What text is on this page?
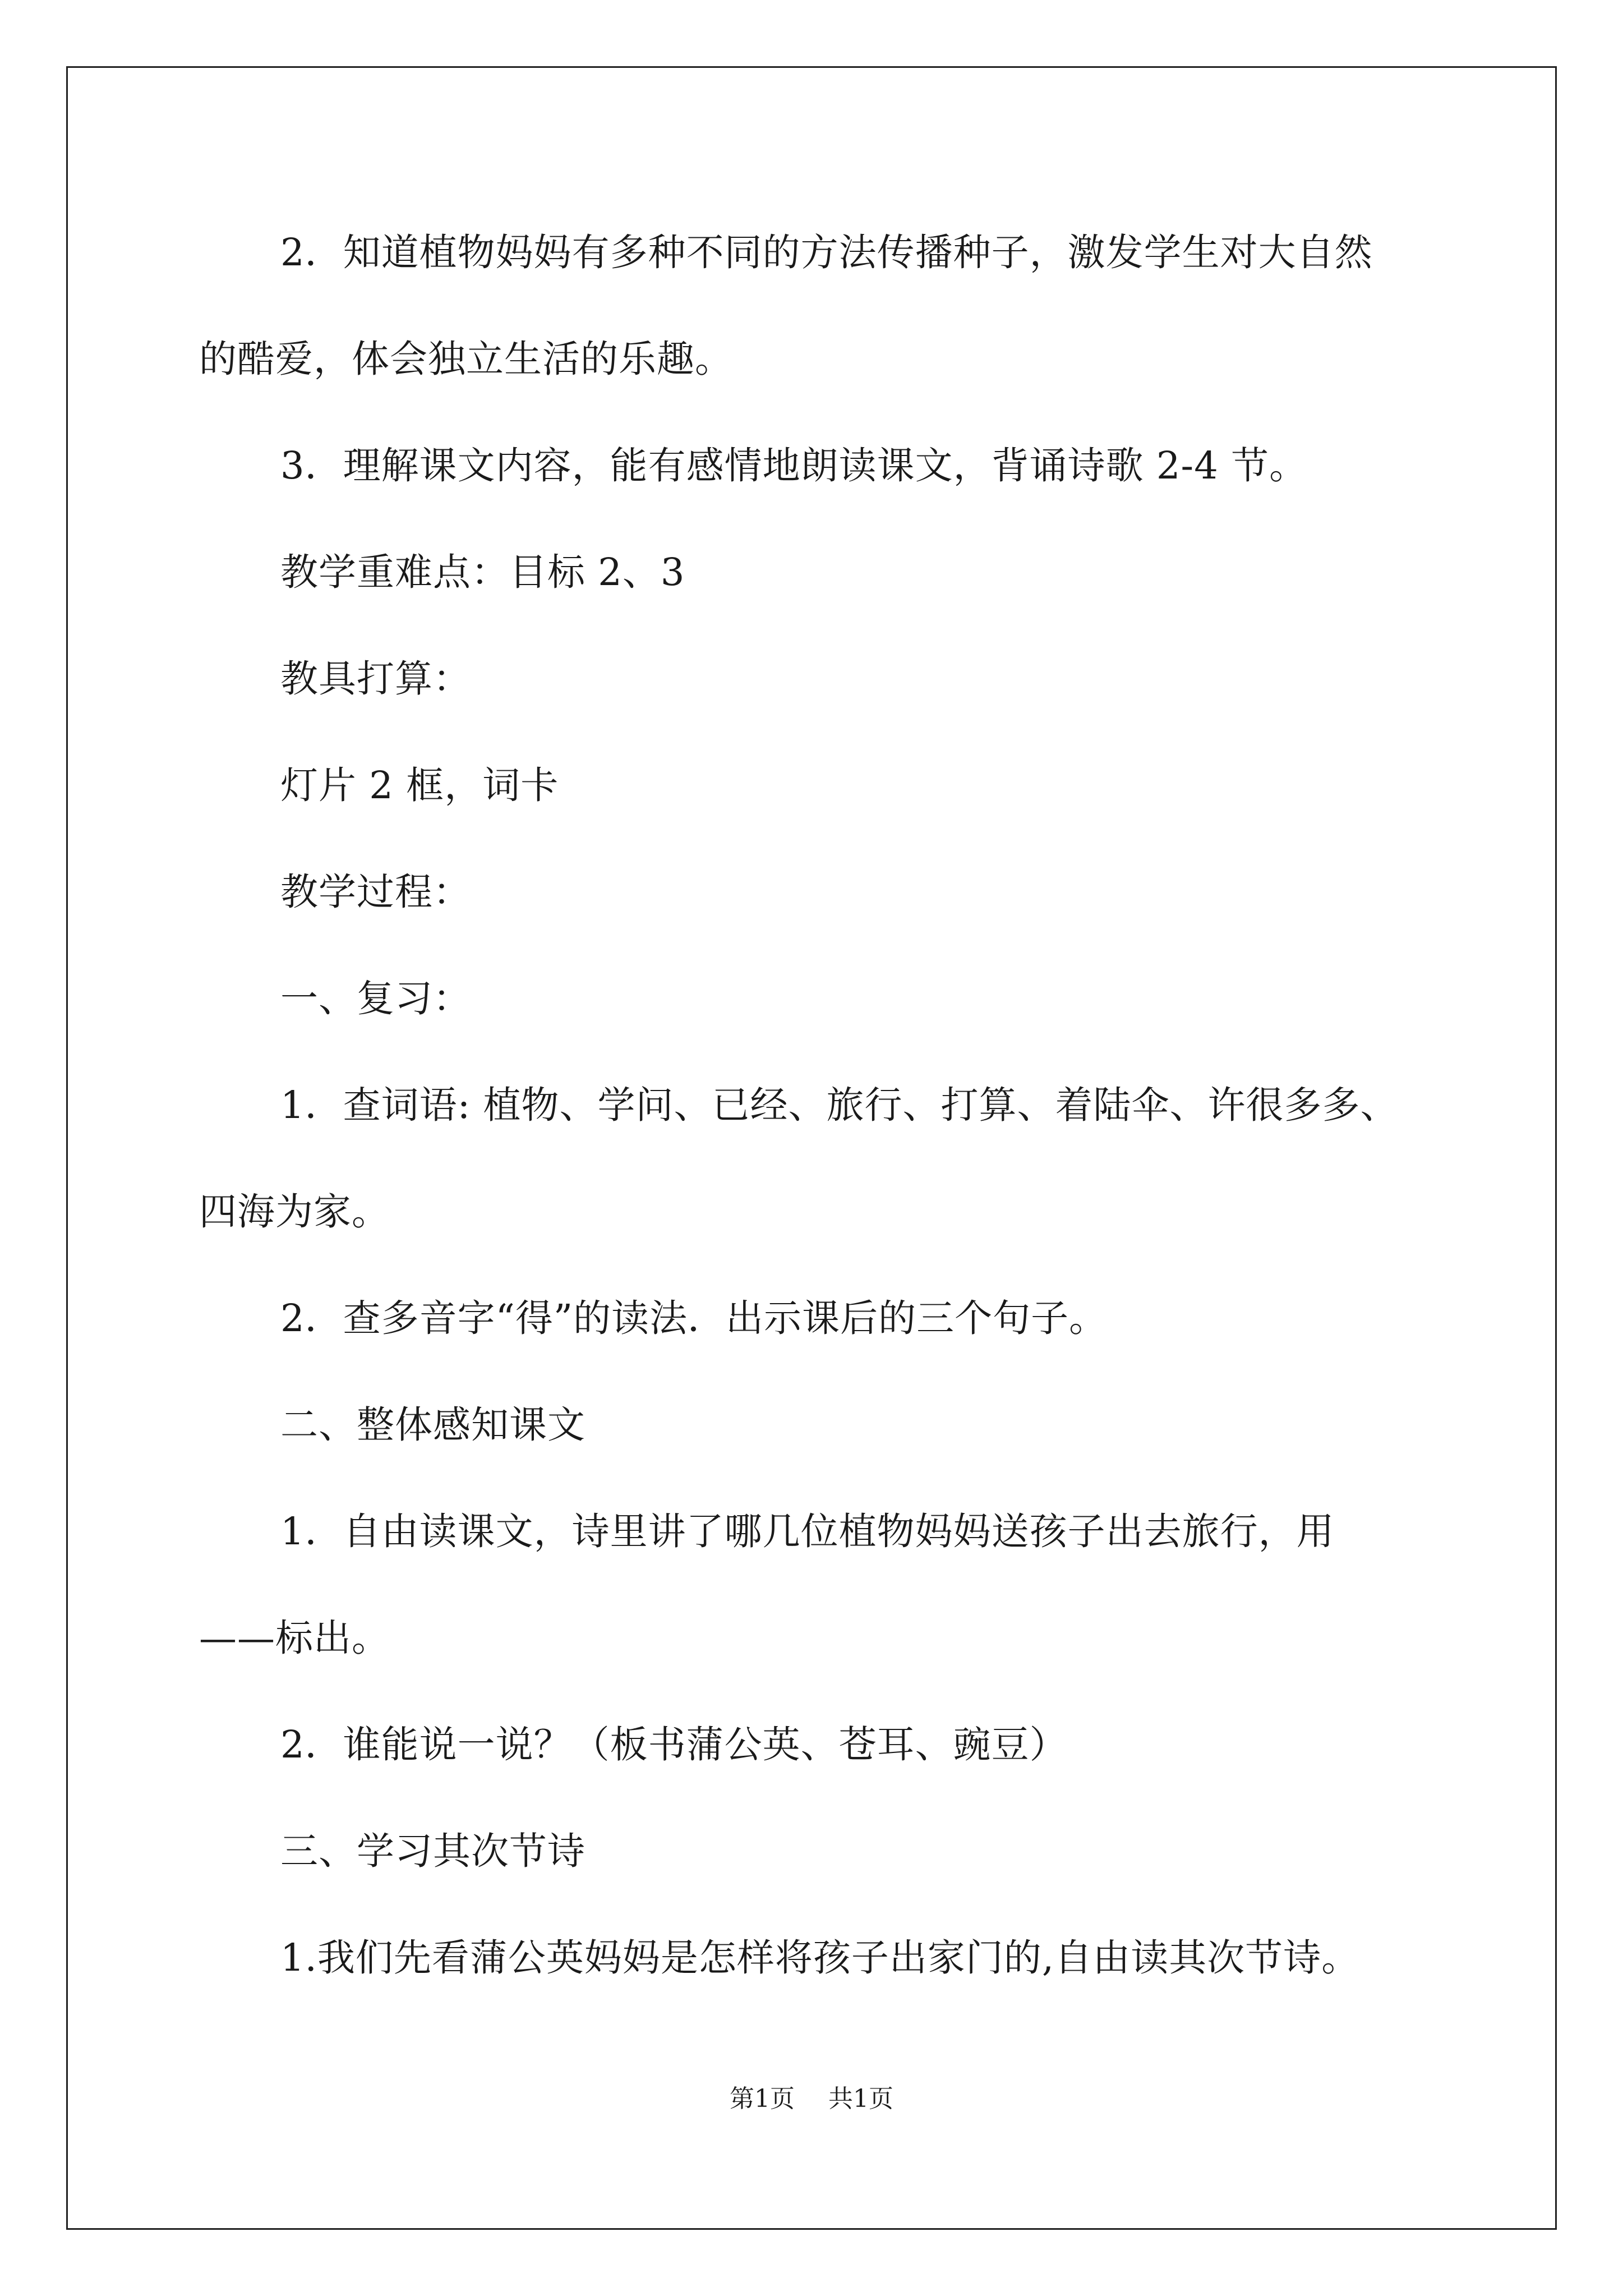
2．知道植物妈妈有多种不同的方法传播种子，激发学生对大自然
的酷爱，体会独立生活的乐趣。
3．理解课文内容，能有感情地朗读课文，背诵诗歌 2-4 节。
教学重难点：目标 2、3
教具打算：
灯片 2 框，词卡
教学过程：
一、复习：
1．查词语: 植物、学问、已经、旅行、打算、着陆伞、许很多多、
四海为家。
2．查多音字“得”的读法．出示课后的三个句子。
二、整体感知课文
1．自由读课文，诗里讲了哪几位植物妈妈送孩子出去旅行，用
——标出。
2．谁能说一说？（板书蒲公英、苍耳、豌豆）
三、学习其次节诗
1.我们先看蒲公英妈妈是怎样将孩子出家门的,自由读其次节诗。
第1页 共1页
